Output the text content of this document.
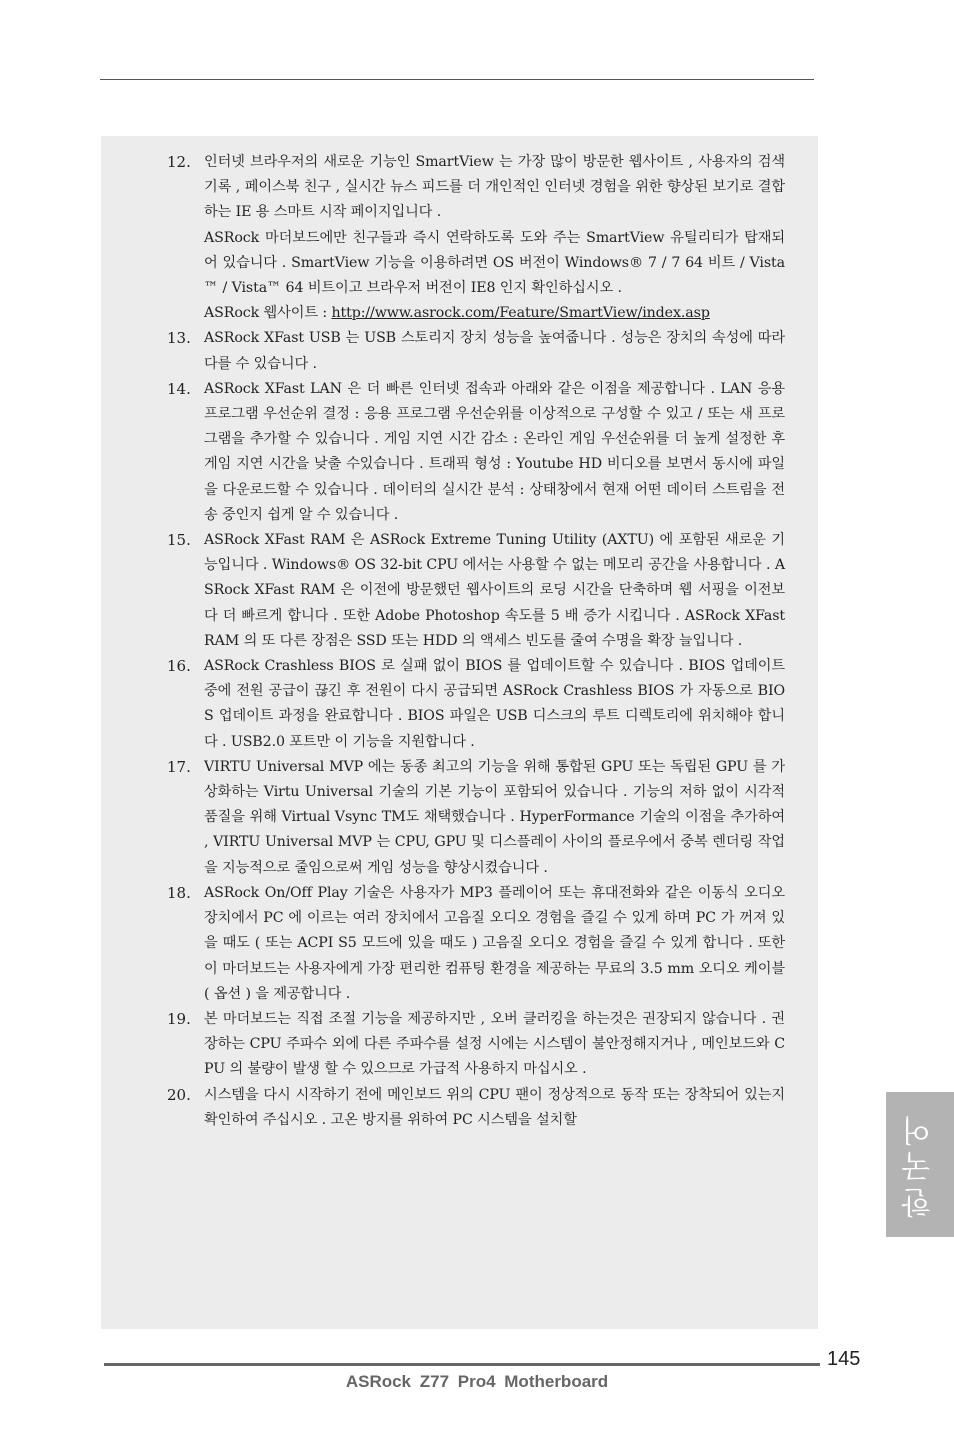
12. 인터넷 브라우저의 새로운 기능인 SmartView 는 가장 많이 방문한 웹사이트 , 사용자의 검색 기록 , 페이스북 친구 , 실시간 뉴스 피드를 더 개인적인 인터넷 경험을 위한 향상된 보기로 결합하는 IE 용 스마트 시작 페이지입니다 .
ASRock 마더보드에만 친구들과 즉시 연락하도록 도와 주는 SmartView 유틸리티가 탑재되어 있습니다 . SmartView 기능을 이용하려면 OS 버전이 Windows® 7 / 7 64 비트 / Vista™ / Vista™ 64 비트이고 브라우저 버전이 IE8 인지 확인하십시오 .
ASRock 웹사이트 : http://www.asrock.com/Feature/SmartView/index.asp
13. ASRock XFast USB 는 USB 스토리지 장치 성능을 높여줍니다 . 성능은 장치의 속성에 따라 다를 수 있습니다 .
14. ASRock XFast LAN 은 더 빠른 인터넷 접속과 아래와 같은 이점을 제공합니다 . LAN 응용 프로그램 우선순위 결정 : 응용 프로그램 우선순위를 이상적으로 구성할 수 있고 / 또는 새 프로그램을 추가할 수 있습니다 . 게임 지연 시간 감소 : 온라인 게임 우선순위를 더 높게 설정한 후 게임 지연 시간을 낮출 수있습니다 . 트래픽 형성 : Youtube HD 비디오를 보면서 동시에 파일을 다운로드할 수 있습니다 . 데이터의 실시간 분석 : 상태창에서 현재 어떤 데이터 스트림을 전송 중인지 쉽게 알 수 있습니다 .
15. ASRock XFast RAM 은 ASRock Extreme Tuning Utility (AXTU) 에 포함된 새로운 기능입니다 . Windows® OS 32-bit CPU 에서는 사용할 수 없는 메모리 공간을 사용합니다 . ASRock XFast RAM 은 이전에 방문했던 웹사이트의 로딩 시간을 단축하며 웹 서핑을 이전보다 더 빠르게 합니다 . 또한 Adobe Photoshop 속도를 5 배 증가 시킵니다 . ASRock XFast RAM 의 또 다른 장점은 SSD 또는 HDD 의 액세스 빈도를 줄여 수명을 확장 늘입니다 .
16. ASRock Crashless BIOS 로 실패 없이 BIOS 를 업데이트할 수 있습니다 . BIOS 업데이트 중에 전원 공급이 끊긴 후 전원이 다시 공급되면 ASRock Crashless BIOS 가 자동으로 BIOS 업데이트 과정을 완료합니다 . BIOS 파일은 USB 디스크의 루트 디렉토리에 위치해야 합니다 . USB2.0 포트만 이 기능을 지원합니다 .
17. VIRTU Universal MVP 에는 동종 최고의 기능을 위해 통합된 GPU 또는 독립된 GPU 를 가상화하는 Virtu Universal 기술의 기본 기능이 포함되어 있습니다 . 기능의 저하 없이 시각적 품질을 위해 Virtual Vsync TM도 채택했습니다 . HyperFormance 기술의 이점을 추가하여 , VIRTU Universal MVP 는 CPU, GPU 및 디스플레이 사이의 플로우에서 중복 렌더링 작업을 지능적으로 줄임으로써 게임 성능을 향상시켰습니다 .
18. ASRock On/Off Play 기술은 사용자가 MP3 플레이어 또는 휴대전화와 같은 이동식 오디오 장치에서 PC 에 이르는 여러 장치에서 고음질 오디오 경험을 즐길 수 있게 하며 PC 가 꺼져 있을 때도 ( 또는 ACPI S5 모드에 있을 때도 ) 고음질 오디오 경험을 즐길 수 있게 합니다 . 또한 이 마더보드는 사용자에게 가장 편리한 컴퓨팅 환경을 제공하는 무료의 3.5 mm 오디오 케이블 ( 옵션 ) 을 제공합니다 .
19. 본 마더보드는 직접 조절 기능을 제공하지만 , 오버 클러킹을 하는것은 권장되지 않습니다 . 권장하는 CPU 주파수 외에 다른 주파수를 설정 시에는 시스템이 불안정해지거나 , 메인보드와 CPU 의 불량이 발생 할 수 있으므로 가급적 사용하지 마십시오 .
20. 시스템을 다시 시작하기 전에 메인보드 위의 CPU 팬이 정상적으로 동작 또는 장착되어 있는지 확인하여 주십시오 . 고온 방지를 위하여 PC 시스템을 설치할	한국어
145
ASRock Z77 Pro4 Motherboard
